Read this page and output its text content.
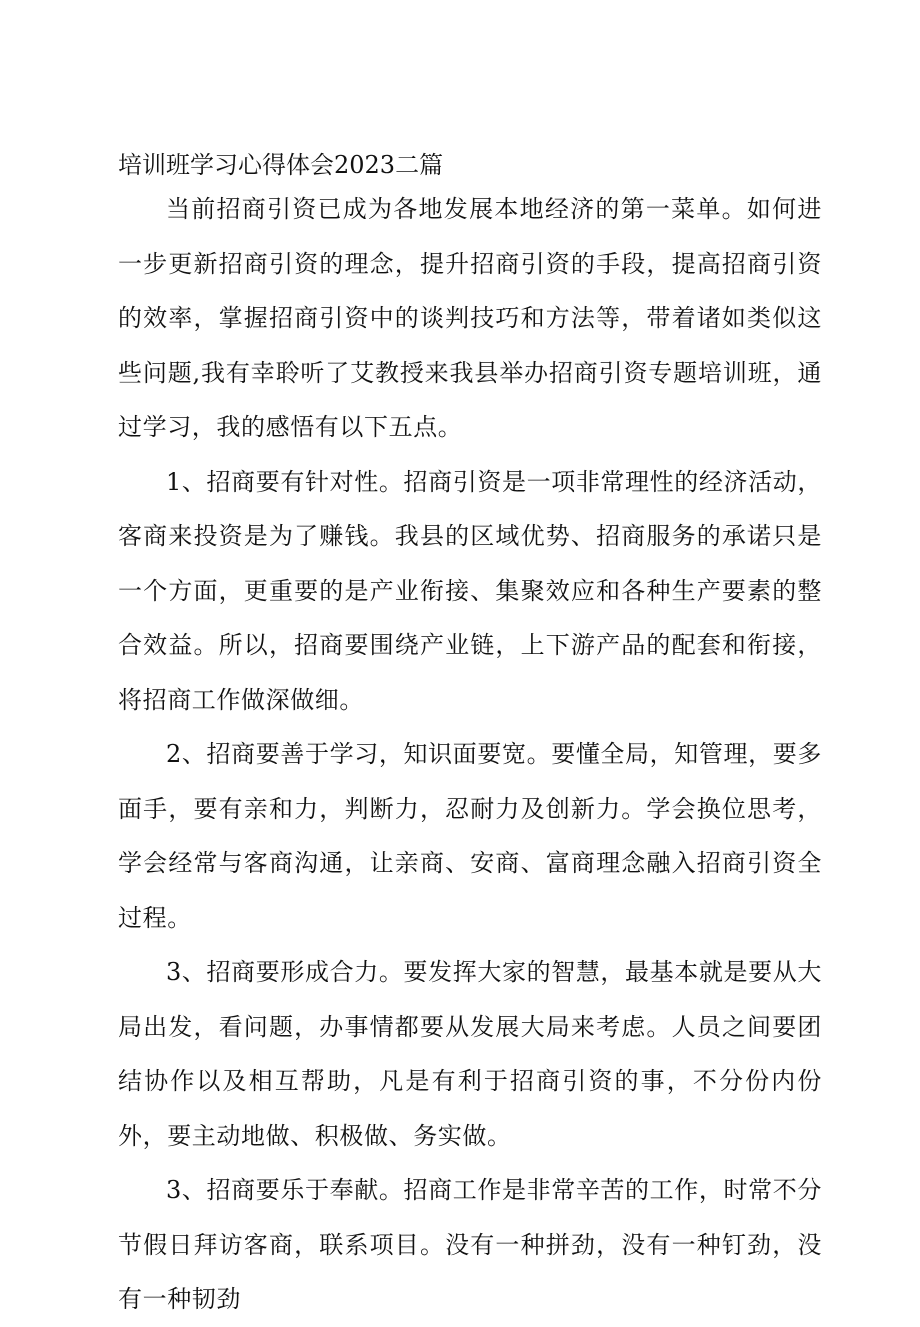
培训班学习心得体会2023二篇

当前招商引资已成为各地发展本地经济的第一菜单。如何进一步更新招商引资的理念，提升招商引资的手段，提高招商引资的效率，掌握招商引资中的谈判技巧和方法等，带着诸如类似这些问题,我有幸聆听了艾教授来我县举办招商引资专题培训班，通过学习，我的感悟有以下五点。

1、招商要有针对性。招商引资是一项非常理性的经济活动，客商来投资是为了赚钱。我县的区域优势、招商服务的承诺只是一个方面，更重要的是产业衔接、集聚效应和各种生产要素的整合效益。所以，招商要围绕产业链，上下游产品的配套和衔接，将招商工作做深做细。

2、招商要善于学习，知识面要宽。要懂全局，知管理，要多面手，要有亲和力，判断力，忍耐力及创新力。学会换位思考，学会经常与客商沟通，让亲商、安商、富商理念融入招商引资全过程。

3、招商要形成合力。要发挥大家的智慧，最基本就是要从大局出发，看问题，办事情都要从发展大局来考虑。人员之间要团结协作以及相互帮助，凡是有利于招商引资的事，不分份内份外，要主动地做、积极做、务实做。

3、招商要乐于奉献。招商工作是非常辛苦的工作，时常不分节假日拜访客商，联系项目。没有一种拼劲，没有一种钉劲，没有一种韧劲
